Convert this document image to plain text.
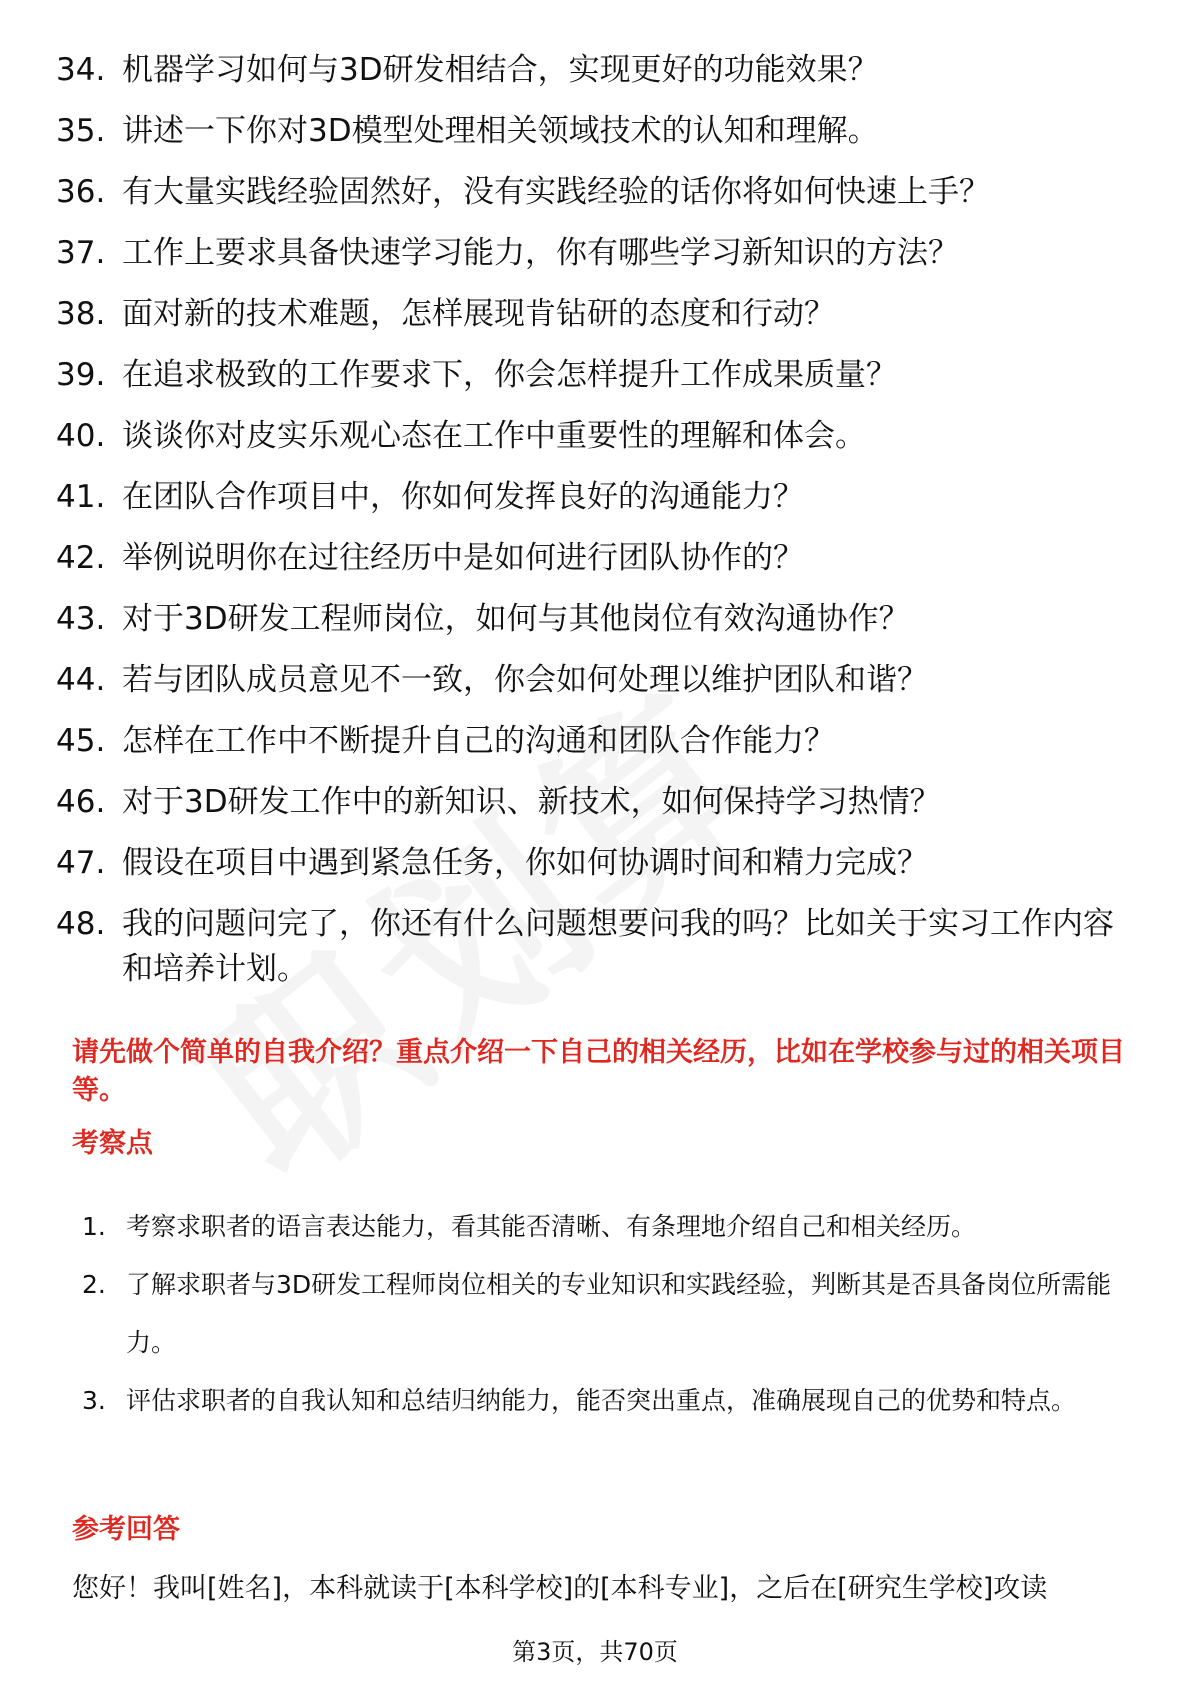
34. 机器学习如何与3D研发相结合，实现更好的功能效果？
35. 讲述一下你对3D模型处理相关领域技术的认知和理解。
36. 有大量实践经验固然好，没有实践经验的话你将如何快速上手？
37. 工作上要求具备快速学习能力，你有哪些学习新知识的方法？
38. 面对新的技术难题，怎样展现肯钻研的态度和行动？
39. 在追求极致的工作要求下，你会怎样提升工作成果质量？
40. 谈谈你对皮实乐观心态在工作中重要性的理解和体会。
41. 在团队合作项目中，你如何发挥良好的沟通能力？
42. 举例说明你在过往经历中是如何进行团队协作的？
43. 对于3D研发工程师岗位，如何与其他岗位有效沟通协作？
44. 若与团队成员意见不一致，你会如何处理以维护团队和谐？
45. 怎样在工作中不断提升自己的沟通和团队合作能力？
46. 对于3D研发工作中的新知识、新技术，如何保持学习热情？
47. 假设在项目中遇到紧急任务，你如何协调时间和精力完成？
48. 我的问题问完了，你还有什么问题想要问我的吗？比如关于实习工作内容和培养计划。

请先做个简单的自我介绍？重点介绍一下自己的相关经历，比如在学校参与过的相关项目等。

考察点

1. 考察求职者的语言表达能力，看其能否清晰、有条理地介绍自己和相关经历。
2. 了解求职者与3D研发工程师岗位相关的专业知识和实践经验，判断其是否具备岗位所需能力。
3. 评估求职者的自我认知和总结归纳能力，能否突出重点，准确展现自己的优势和特点。

参考回答

您好！我叫[姓名]，本科就读于[本科学校]的[本科专业]，之后在[研究生学校]攻读

第3页，共70页
